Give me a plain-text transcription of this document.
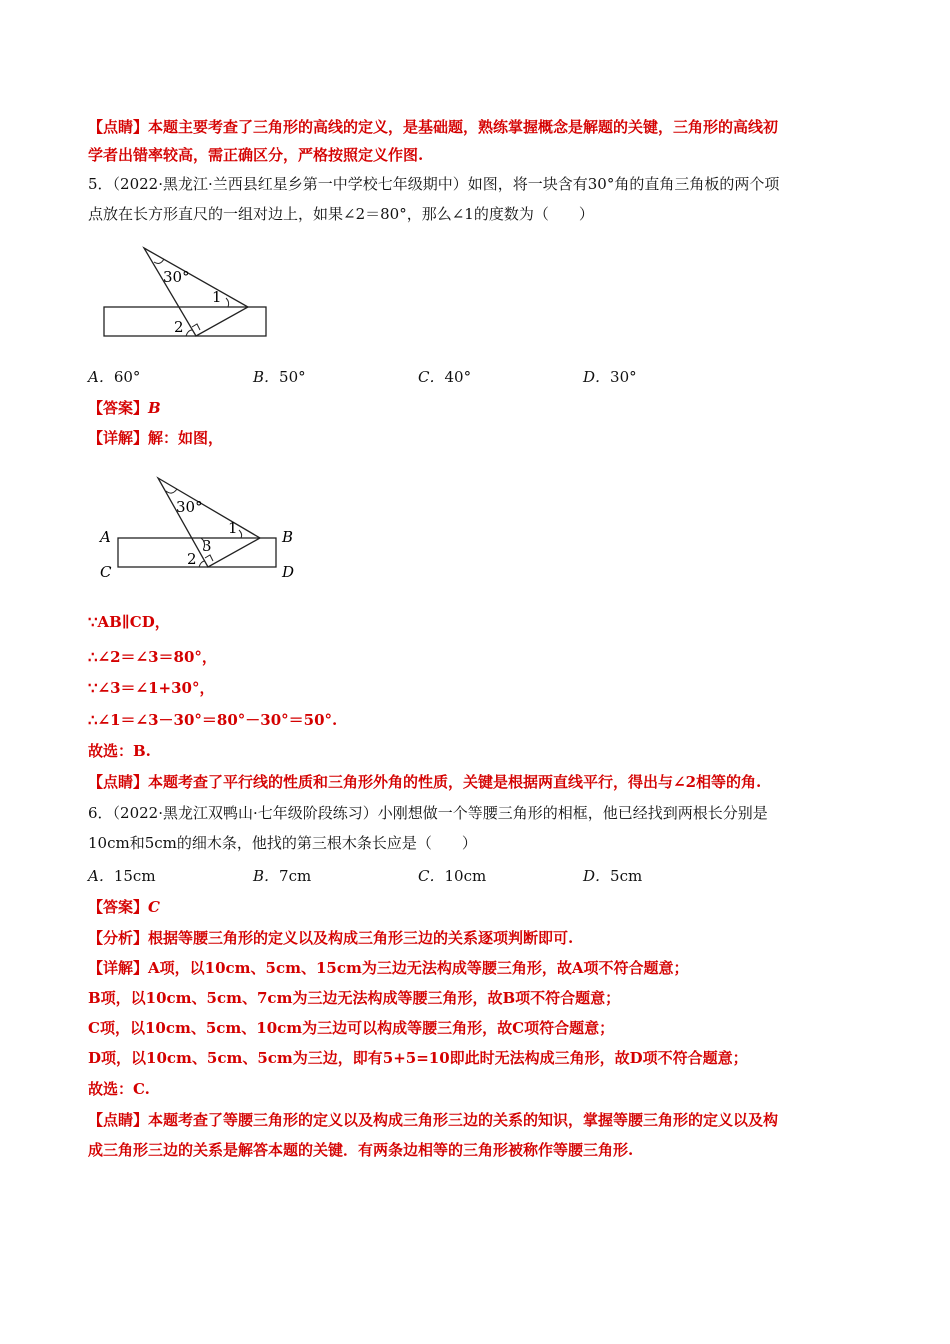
【点睛】本题主要考查了三角形的高线的定义，是基础题，熟练掌握概念是解题的关键，三角形的高线初
学者出错率较高，需正确区分，严格按照定义作图.
5．（2022·黑龙江·兰西县红星乡第一中学校七年级期中）如图，将一块含有30°角的直角三角板的两个项
点放在长方形直尺的一组对边上，如果∠2＝80°，那么∠1的度数为（　　）
30°
1
2
A．60°	B．50°	C．40°	D．30°
【答案】B
【详解】解：如图，
30°
1
2
3
A	B
C	D
∵AB∥CD，
∴∠2＝∠3＝80°，
∵∠3＝∠1+30°，
∴∠1＝∠3－30°＝80°－30°＝50°.
故选：B.
【点睛】本题考查了平行线的性质和三角形外角的性质，关键是根据两直线平行，得出与∠2相等的角.
6．（2022·黑龙江双鸭山·七年级阶段练习）小刚想做一个等腰三角形的相框，他已经找到两根长分别是
10cm和5cm的细木条，他找的第三根木条长应是（　　）
A．15cm	B．7cm	C．10cm	D．5cm
【答案】C
【分析】根据等腰三角形的定义以及构成三角形三边的关系逐项判断即可.
【详解】A项，以10cm、5cm、15cm为三边无法构成等腰三角形，故A项不符合题意；
B项，以10cm、5cm、7cm为三边无法构成等腰三角形，故B项不符合题意；
C项，以10cm、5cm、10cm为三边可以构成等腰三角形，故C项符合题意；
D项，以10cm、5cm、5cm为三边，即有5+5=10即此时无法构成三角形，故D项不符合题意；
故选：C.
【点睛】本题考查了等腰三角形的定义以及构成三角形三边的关系的知识，掌握等腰三角形的定义以及构
成三角形三边的关系是解答本题的关键．有两条边相等的三角形被称作等腰三角形.
